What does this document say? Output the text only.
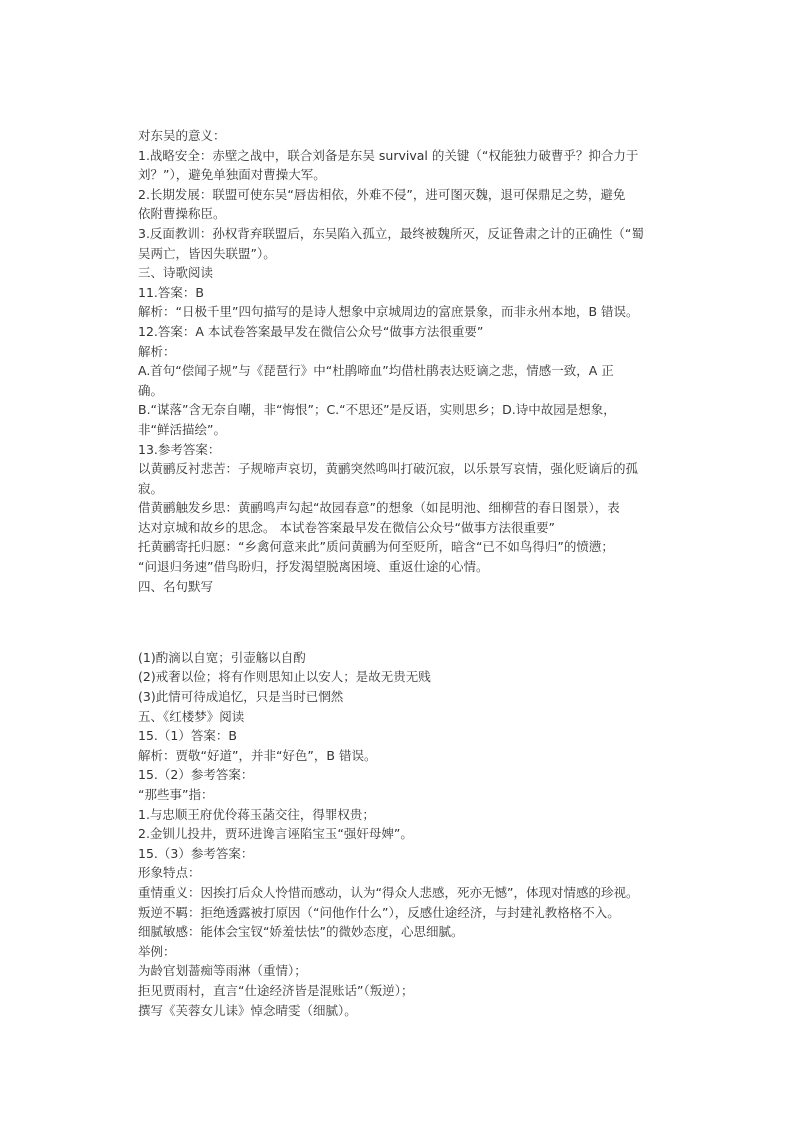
对东吴的意义：

1.战略安全：赤壁之战中，联合刘备是东吴 survival 的关键（“权能独力破曹乎？抑合力于

刘？”），避免单独面对曹操大军。

2.长期发展：联盟可使东吴“唇齿相依，外难不侵”，进可图灭魏，退可保鼎足之势，避免

依附曹操称臣。

3.反面教训：孙权背弃联盟后，东吴陷入孤立，最终被魏所灭，反证鲁肃之计的正确性（“蜀

吴两亡，皆因失联盟”）。

三、诗歌阅读

11.答案：B

解析：“日极千里”四句描写的是诗人想象中京城周边的富庶景象，而非永州本地，B 错误。

12.答案：A 本试卷答案最早发在微信公众号“做事方法很重要”

解析：

A.首句“偿闻子规”与《琵琶行》中“杜鹃啼血”均借杜鹃表达贬谪之悲，情感一致，A 正

确。

B.“谋落”含无奈自嘲，非“悔恨”；C.“不思还”是反语，实则思乡；D.诗中故园是想象，

非“鲜活描绘”。

13.参考答案：

以黄鹂反衬悲苦：子规啼声哀切，黄鹂突然鸣叫打破沉寂，以乐景写哀情，强化贬谪后的孤

寂。

借黄鹂触发乡思：黄鹂鸣声勾起“故园春意”的想象（如昆明池、细柳营的春日图景），表

达对京城和故乡的思念。 本试卷答案最早发在微信公众号“做事方法很重要”

托黄鹂寄托归愿：“乡禽何意来此”质问黄鹂为何至贬所，暗含“已不如鸟得归”的愤懑；

“问退归务速”借鸟盼归，抒发渴望脱离困境、重返仕途的心情。

四、名句默写

(1)酌滴以自宽；引壶觞以自酌

(2)戒奢以俭；将有作则思知止以安人；是故无贵无贱

(3)此情可待成追忆，只是当时已惘然

五、《红楼梦》阅读

15.（1）答案：B

解析：贾敬“好道”，并非“好色”，B 错误。

15.（2）参考答案：

“那些事”指：

1.与忠顺王府优伶蒋玉菡交往，得罪权贵；

2.金钏儿投井，贾环进谗言诬陷宝玉“强奸母婢”。

15.（3）参考答案：

形象特点：

重情重义：因挨打后众人怜惜而感动，认为“得众人悲感，死亦无憾”，体现对情感的珍视。

叛逆不羁：拒绝透露被打原因（“问他作什么”），反感仕途经济，与封建礼教格格不入。

细腻敏感：能体会宝钗“娇羞怯怯”的微妙态度，心思细腻。

举例：

为龄官划蔷痴等雨淋（重情）；

拒见贾雨村，直言“仕途经济皆是混账话”（叛逆）；

撰写《芙蓉女儿诔》悼念晴雯（细腻）。
